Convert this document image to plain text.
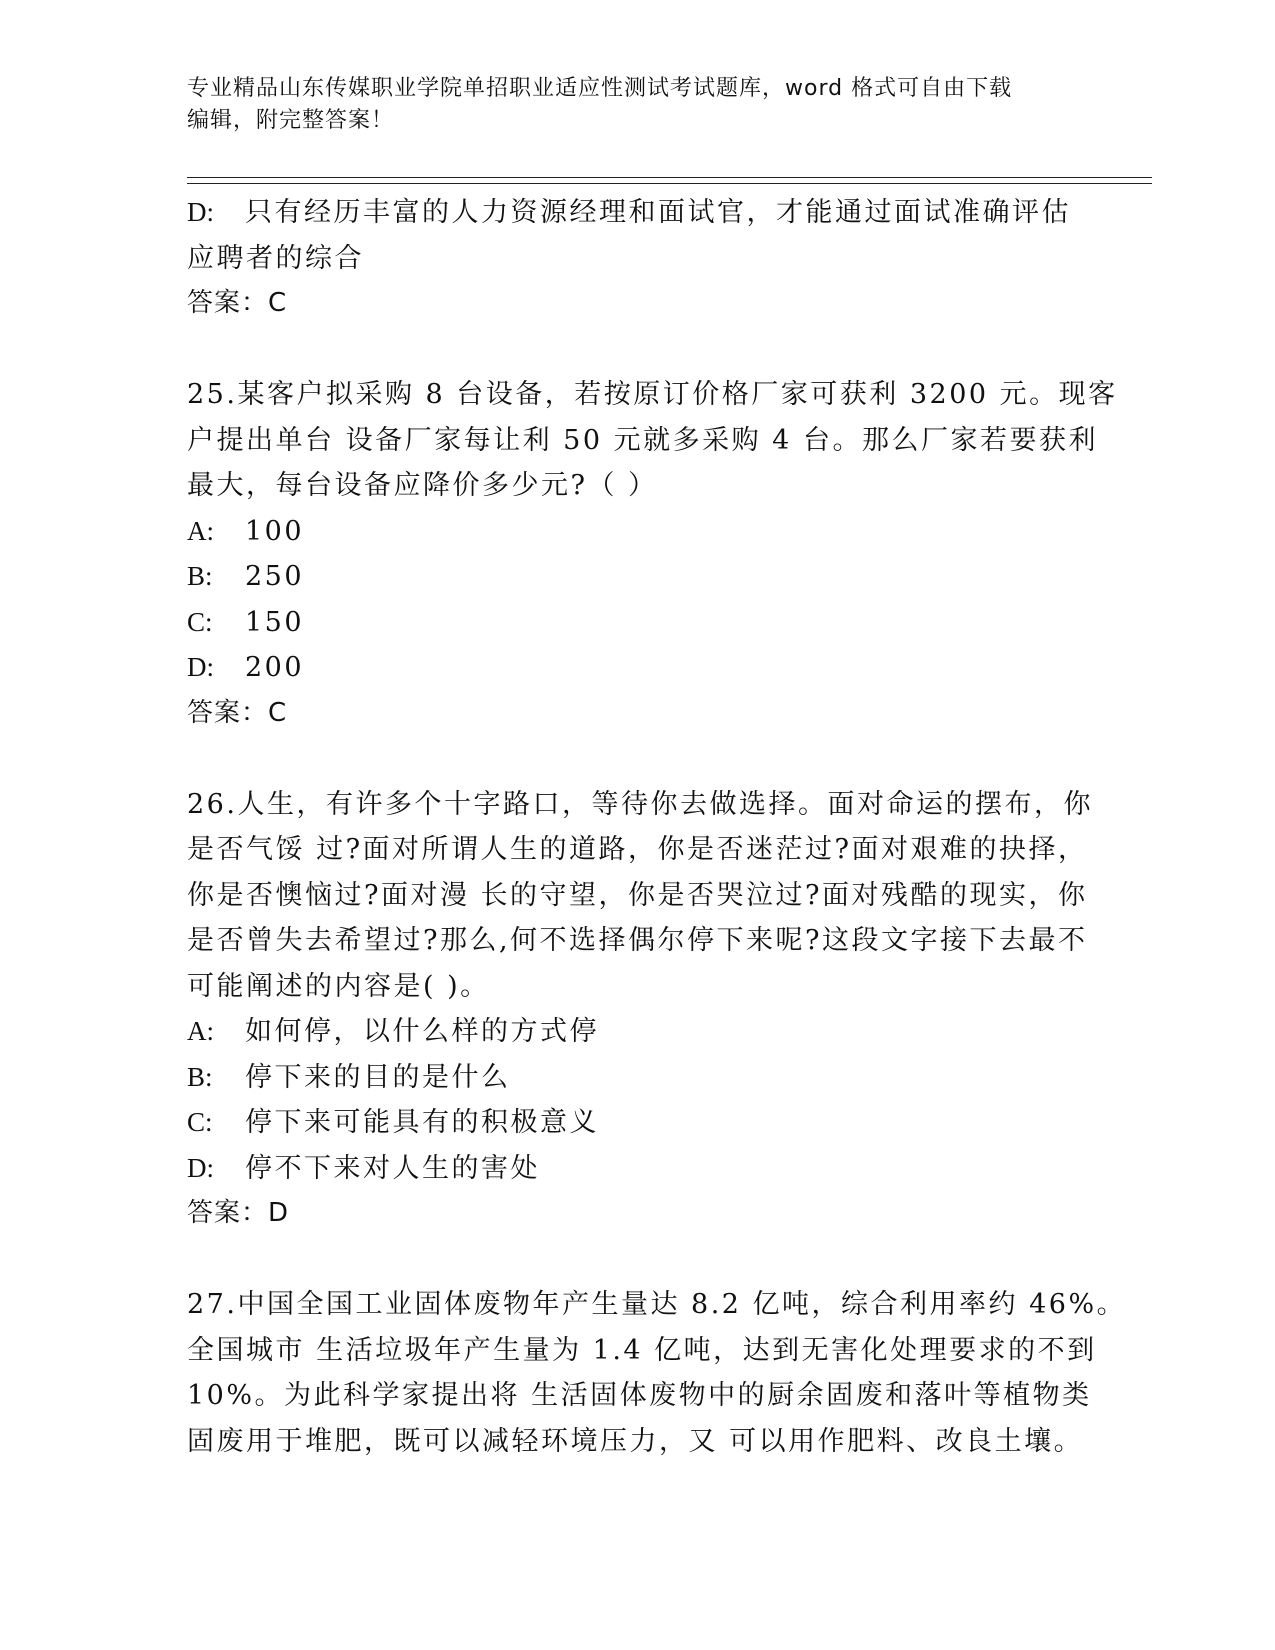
专业精品山东传媒职业学院单招职业适应性测试考试题库，word 格式可自由下载
编辑，附完整答案！
D: 只有经历丰富的人力资源经理和面试官，才能通过面试准确评估
应聘者的综合
答案：C
25.某客户拟采购 8 台设备，若按原订价格厂家可获利 3200 元。现客
户提出单台 设备厂家每让利 50 元就多采购 4 台。那么厂家若要获利
最大，每台设备应降价多少元?（ ）
A: 100
B: 250
C: 150
D: 200
答案：C
26.人生，有许多个十字路口，等待你去做选择。面对命运的摆布，你
是否气馁 过?面对所谓人生的道路，你是否迷茫过?面对艰难的抉择，
你是否懊恼过?面对漫 长的守望，你是否哭泣过?面对残酷的现实，你
是否曾失去希望过?那么,何不选择偶尔停下来呢?这段文字接下去最不
可能阐述的内容是( )。
A: 如何停，以什么样的方式停
B: 停下来的目的是什么
C: 停下来可能具有的积极意义
D: 停不下来对人生的害处
答案：D
27.中国全国工业固体废物年产生量达 8.2 亿吨，综合利用率约 46%。
全国城市 生活垃圾年产生量为 1.4 亿吨，达到无害化处理要求的不到
10%。为此科学家提出将 生活固体废物中的厨余固废和落叶等植物类
固废用于堆肥，既可以减轻环境压力，又 可以用作肥料、改良土壤。
